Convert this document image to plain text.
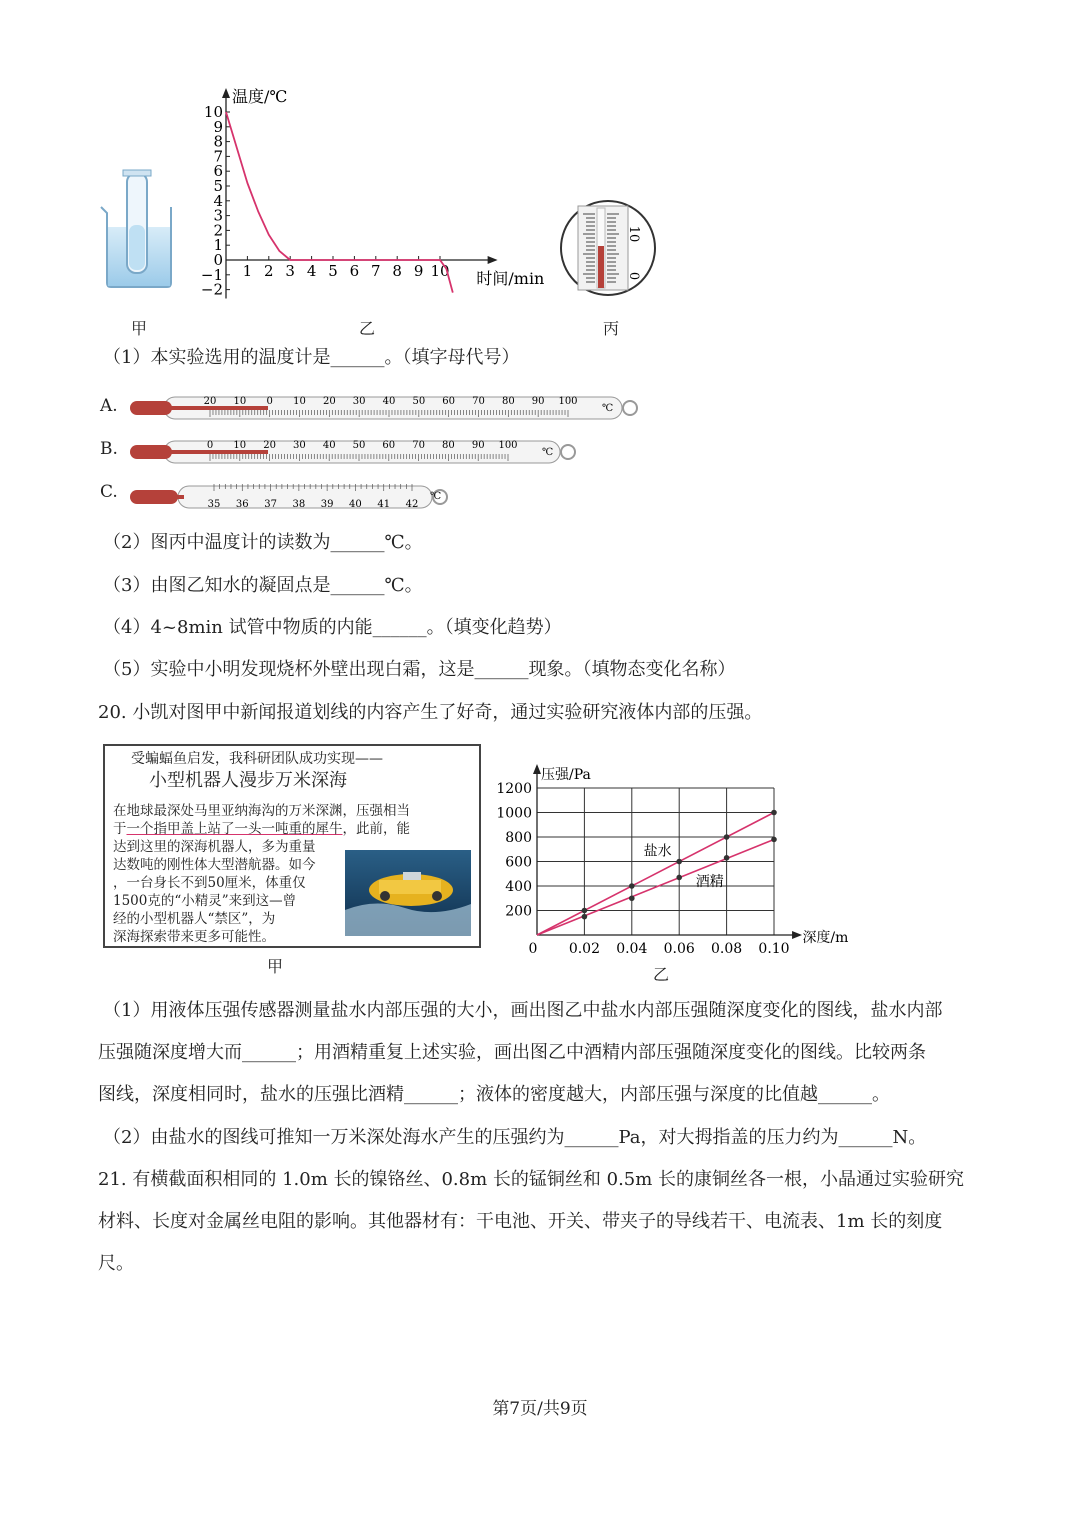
甲
温度/℃
时间/min
10
9
8
7
6
5
4
3
2
1
0
−1
−2
1 2 3 4 5 6 7 8 9 10
乙
10
0
丙
（1）本实验选用的温度计是______。（填字母代号）
A.	20 10 0 10 20 30 40 50 60 70 80 90 100
℃
B.	0 10 20 30 40 50 60 70 80 90 100
℃
C.
35 36 37 38 39 40 41 42
℃
（2）图丙中温度计的读数为______℃。
（3）由图乙知水的凝固点是______℃。
（4）4~8min 试管中物质的内能______。（填变化趋势）
（5）实验中小明发现烧杯外壁出现白霜，这是______现象。（填物态变化名称）
20. 小凯对图甲中新闻报道划线的内容产生了好奇，通过实验研究液体内部的压强。
受蝙蝠鱼启发，我科研团队成功实现——
小型机器人漫步万米深海
在地球最深处马里亚纳海沟的万米深渊，压强相当
于一个指甲盖上站了一头一吨重的犀牛，此前，能
达到这里的深海机器人，多为重量
达数吨的刚性体大型潜航器。如今
，一台身长不到50厘米，体重仅
1500克的“小精灵”来到这—曾
经的小型机器人“禁区”，为
深海探索带来更多可能性。
甲
压强/Pa
深度/m
1200
1000
800
600
400
200
0 0.02 0.04 0.06 0.08 0.10
盐水
酒精
乙
（1）用液体压强传感器测量盐水内部压强的大小，画出图乙中盐水内部压强随深度变化的图线，盐水内部
压强随深度增大而______；用酒精重复上述实验，画出图乙中酒精内部压强随深度变化的图线。比较两条
图线，深度相同时，盐水的压强比酒精______；液体的密度越大，内部压强与深度的比值越______。
（2）由盐水的图线可推知一万米深处海水产生的压强约为______Pa，对大拇指盖的压力约为______N。
21. 有横截面积相同的 1.0m 长的镍铬丝、0.8m 长的锰铜丝和 0.5m 长的康铜丝各一根，小晶通过实验研究
材料、长度对金属丝电阻的影响。其他器材有：干电池、开关、带夹子的导线若干、电流表、1m 长的刻度
尺。
第7页/共9页
